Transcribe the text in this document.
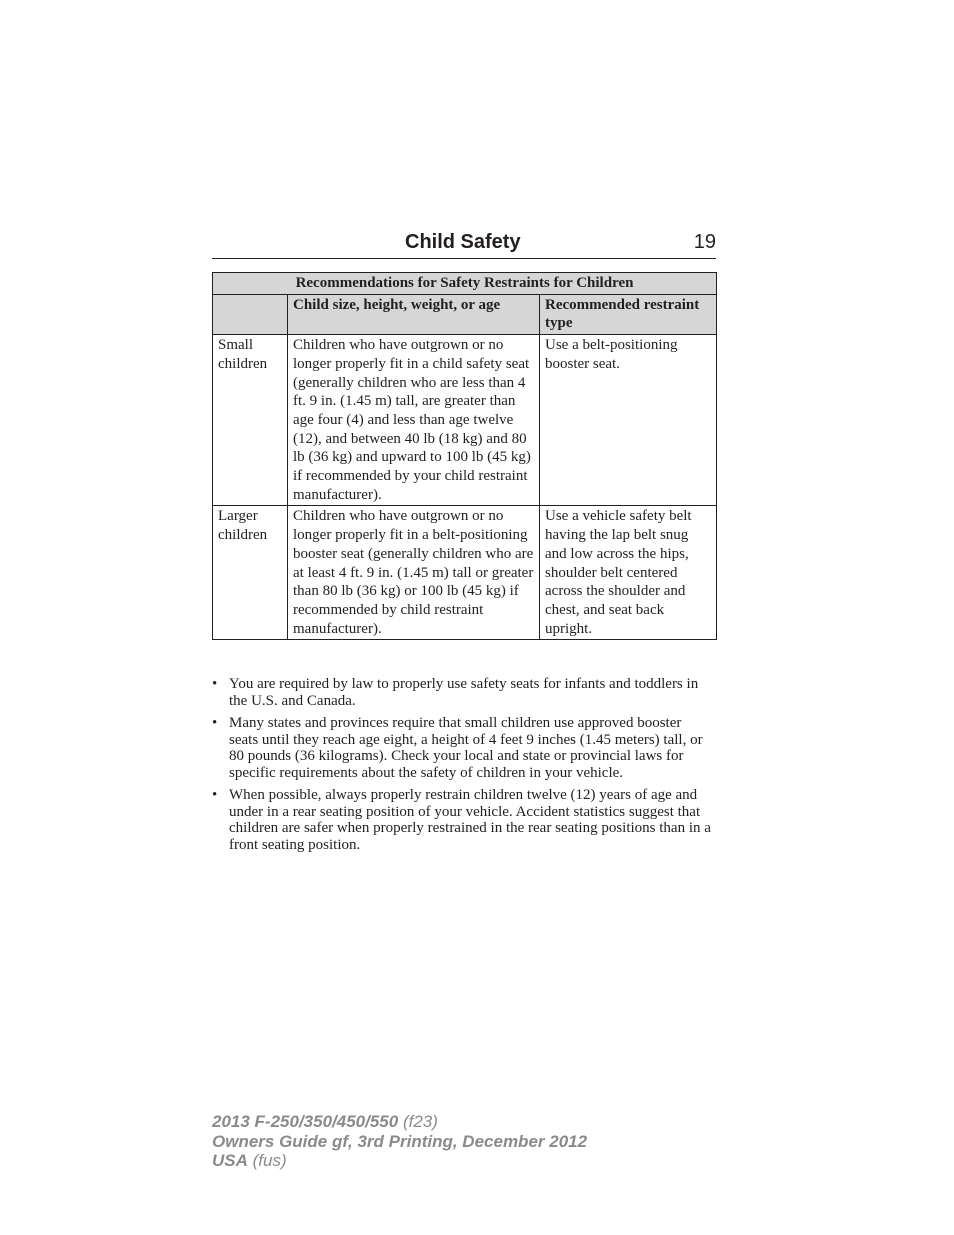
Child Safety	19
Recommendations for Safety Restraints for Children		
	Child size, height, weight, or age	Recommended restraint type
Small children	Children who have outgrown or no longer properly fit in a child safety seat (generally children who are less than 4 ft. 9 in. (1.45 m) tall, are greater than age four (4) and less than age twelve (12), and between 40 lb (18 kg) and 80 lb (36 kg) and upward to 100 lb (45 kg) if recommended by your child restraint manufacturer).	Use a belt-positioning booster seat.
Larger children	Children who have outgrown or no longer properly fit in a belt-positioning booster seat (generally children who are at least 4 ft. 9 in. (1.45 m) tall or greater than 80 lb (36 kg) or 100 lb (45 kg) if recommended by child restraint manufacturer).	Use a vehicle safety belt having the lap belt snug and low across the hips, shoulder belt centered across the shoulder and chest, and seat back upright.
• You are required by law to properly use safety seats for infants and toddlers in the U.S. and Canada.
• Many states and provinces require that small children use approved booster seats until they reach age eight, a height of 4 feet 9 inches (1.45 meters) tall, or 80 pounds (36 kilograms). Check your local and state or provincial laws for specific requirements about the safety of children in your vehicle.
• When possible, always properly restrain children twelve (12) years of age and under in a rear seating position of your vehicle. Accident statistics suggest that children are safer when properly restrained in the rear seating positions than in a front seating position.
2013 F-250/350/450/550 (f23)
Owners Guide gf, 3rd Printing, December 2012
USA (fus)
